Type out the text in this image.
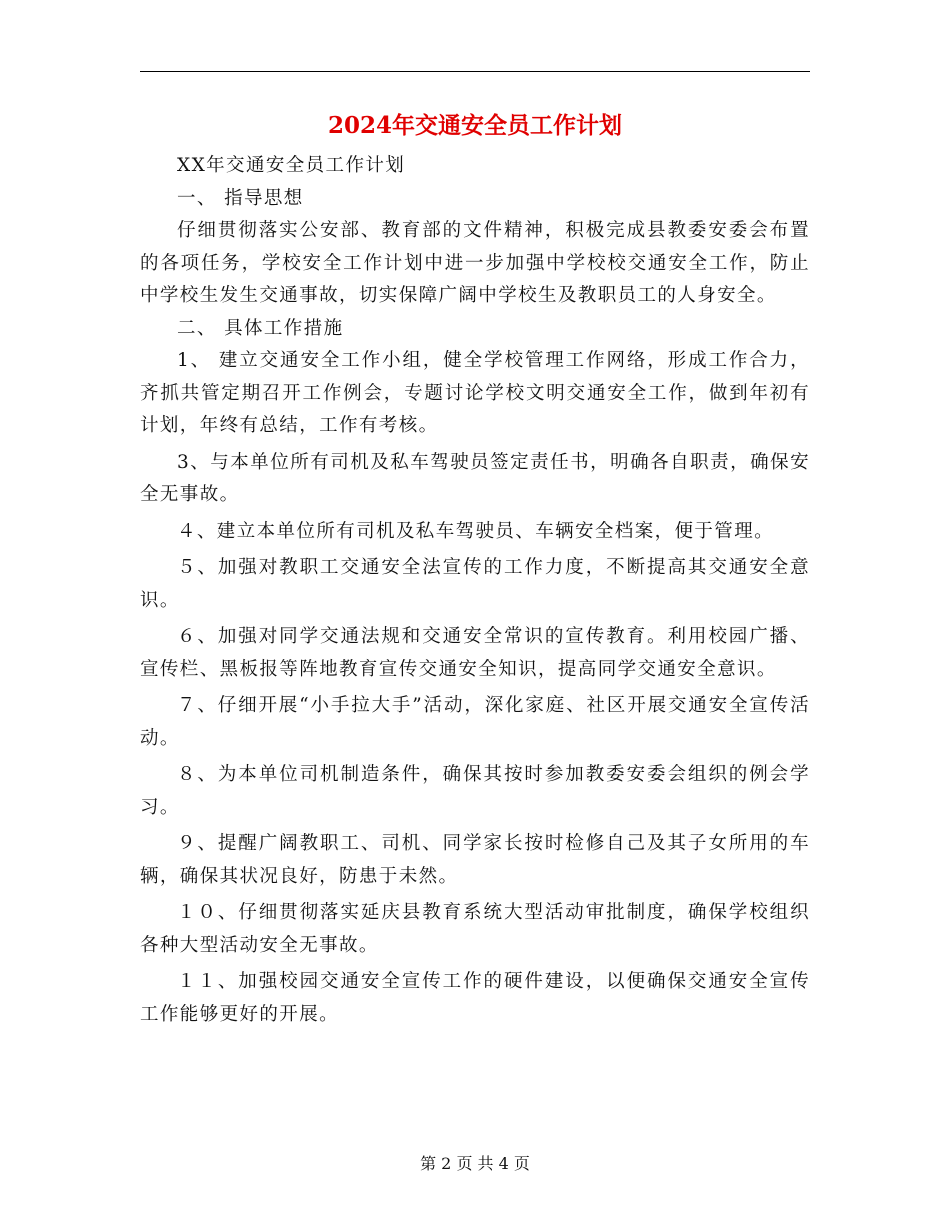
2024年交通安全员工作计划

XX年交通安全员工作计划

一、 指导思想

仔细贯彻落实公安部、教育部的文件精神，积极完成县教委安委会布置的各项任务，学校安全工作计划中进一步加强中学校校交通安全工作，防止中学校生发生交通事故，切实保障广阔中学校生及教职员工的人身安全。

二、 具体工作措施

1、 建立交通安全工作小组，健全学校管理工作网络，形成工作合力，齐抓共管定期召开工作例会，专题讨论学校文明交通安全工作，做到年初有计划，年终有总结，工作有考核。

3、与本单位所有司机及私车驾驶员签定责任书，明确各自职责，确保安全无事故。

４、建立本单位所有司机及私车驾驶员、车辆安全档案，便于管理。

５、加强对教职工交通安全法宣传的工作力度，不断提高其交通安全意识。

６、加强对同学交通法规和交通安全常识的宣传教育。利用校园广播、宣传栏、黑板报等阵地教育宣传交通安全知识，提高同学交通安全意识。

７、仔细开展“小手拉大手”活动，深化家庭、社区开展交通安全宣传活动。

８、为本单位司机制造条件，确保其按时参加教委安委会组织的例会学习。

９、提醒广阔教职工、司机、同学家长按时检修自己及其子女所用的车辆，确保其状况良好，防患于未然。

１０、仔细贯彻落实延庆县教育系统大型活动审批制度，确保学校组织各种大型活动安全无事故。

１１、加强校园交通安全宣传工作的硬件建设，以便确保交通安全宣传工作能够更好的开展。

第 2 页 共 4 页
